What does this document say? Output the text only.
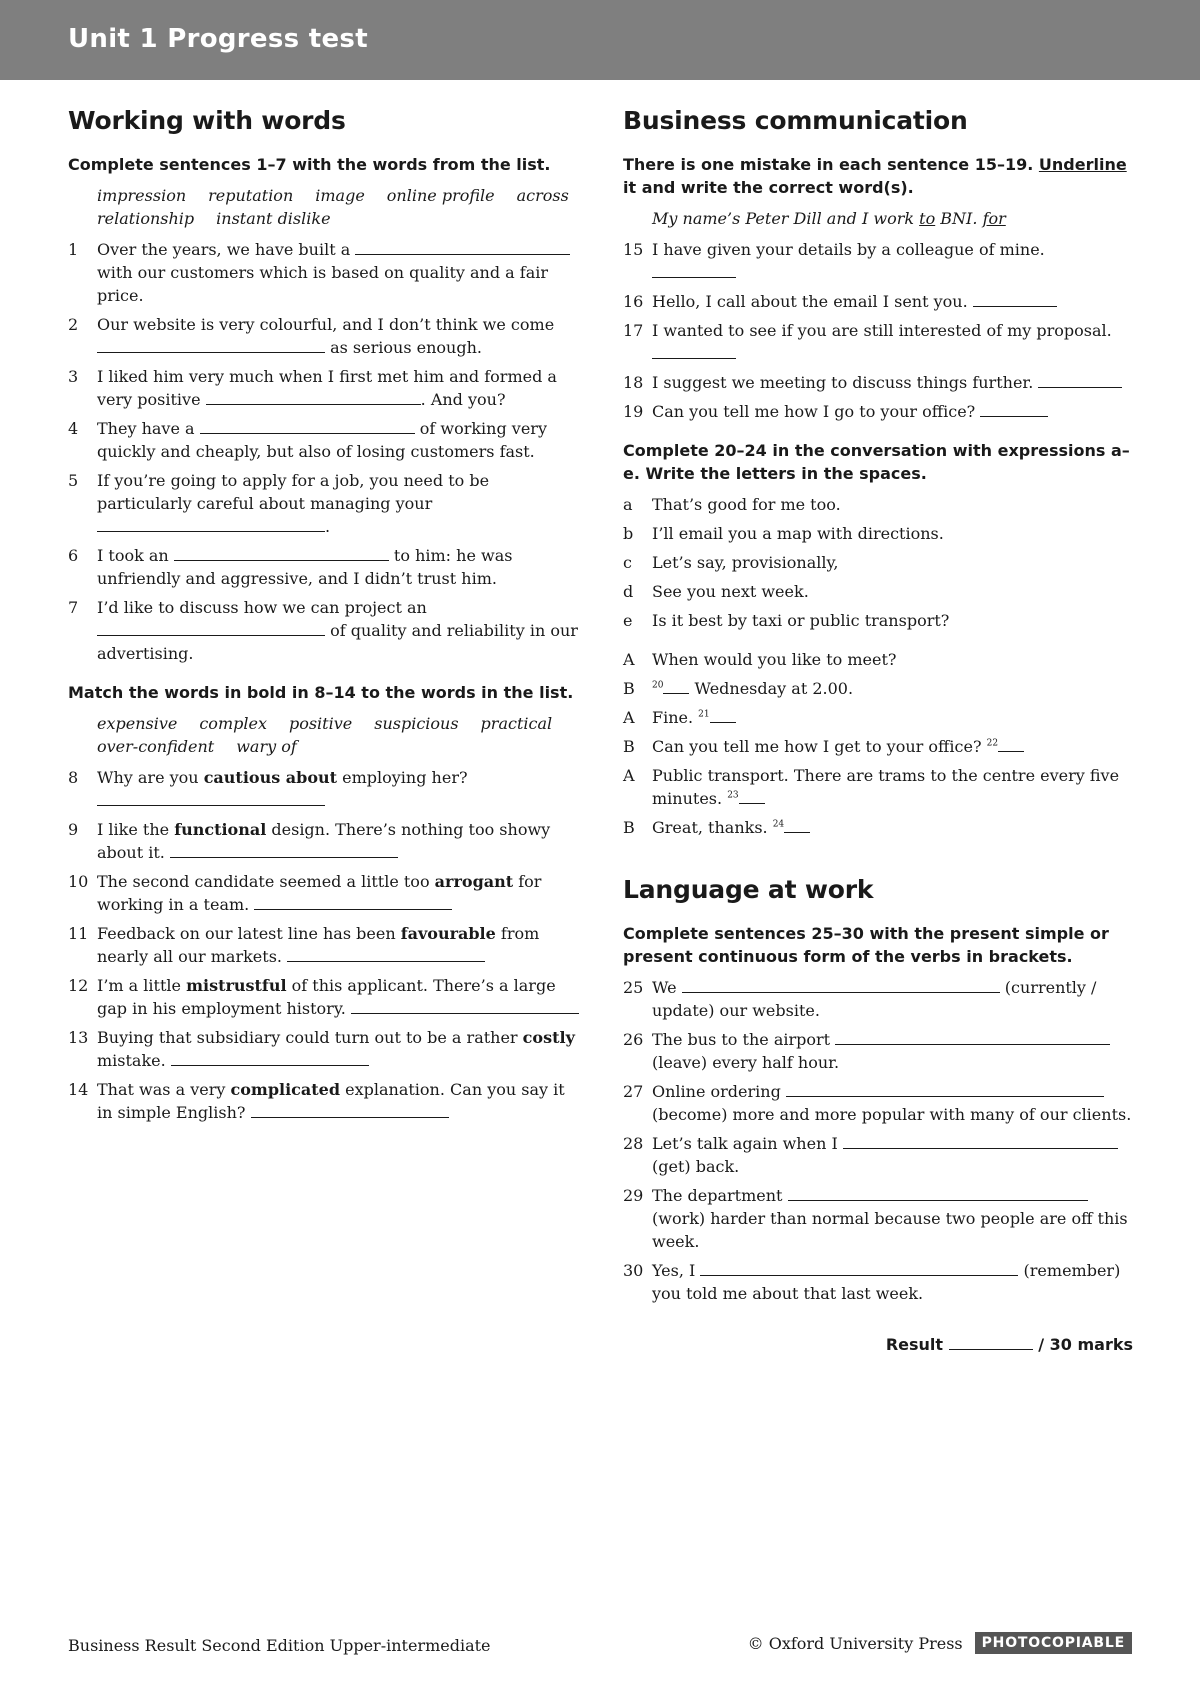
Unit 1 Progress test
Working with words

Complete sentences 1–7 with the words from the list.

impression reputation image online profile across
relationship instant dislike
1 Over the years, we have built a  with our customers which is based on quality and a fair price.
2 Our website is very colourful, and I don’t think we come  as serious enough.
3 I liked him very much when I first met him and formed a very positive	. And you?
4 They have a	of working very quickly and cheaply, but also of losing customers fast.
5 If you’re going to apply for a job, you need to be particularly careful about managing your .
6 I took an	to him: he was unfriendly and aggressive, and I didn’t trust him.
7 I’d like to discuss how we can project an  of quality and reliability in our advertising.

Match the words in bold in 8–14 to the words in the list.

expensive complex positive suspicious practical
over-confident wary of
8 Why are you cautious about employing her?
9 I like the functional design. There’s nothing too showy about it.
10 The second candidate seemed a little too arrogant for working in a team.
11 Feedback on our latest line has been favourable from nearly all our markets.
12 I’m a little mistrustful of this applicant. There’s a large gap in his employment history.
13 Buying that subsidiary could turn out to be a rather costly mistake.
14 That was a very complicated explanation. Can you say it in simple English?
Business communication

There is one mistake in each sentence 15–19. Underline it and write the correct word(s).

My name’s Peter Dill and I work to BNI. for
15 I have given your details by a colleague of mine.
16 Hello, I call about the email I sent you.
17 I wanted to see if you are still interested of my proposal.
18 I suggest we meeting to discuss things further.
19 Can you tell me how I go to your office?

Complete 20–24 in the conversation with expressions a–e. Write the letters in the spaces.

a That’s good for me too.
b I’ll email you a map with directions.
c Let’s say, provisionally,
d See you next week.
e Is it best by taxi or public transport?
A When would you like to meet?
B $^{20}$ Wednesday at 2.00.
A Fine. $^{21}$
B Can you tell me how I get to your office? $^{22}$
A Public transport. There are trams to the centre every five minutes. $^{23}$
B Great, thanks. $^{24}$
Language at work

Complete sentences 25–30 with the present simple or present continuous form of the verbs in brackets.

25 We	(currently / update) our website.
26 The bus to the airport  (leave) every half hour.
27 Online ordering  (become) more and more popular with many of our clients.
28 Let’s talk again when I  (get) back.
29 The department  (work) harder than normal because two people are off this week.
30 Yes, I	(remember) you told me about that last week.
Result	/ 30 marks
Business Result Second Edition Upper-intermediate	© Oxford University Press	PHOTOCOPIABLE
